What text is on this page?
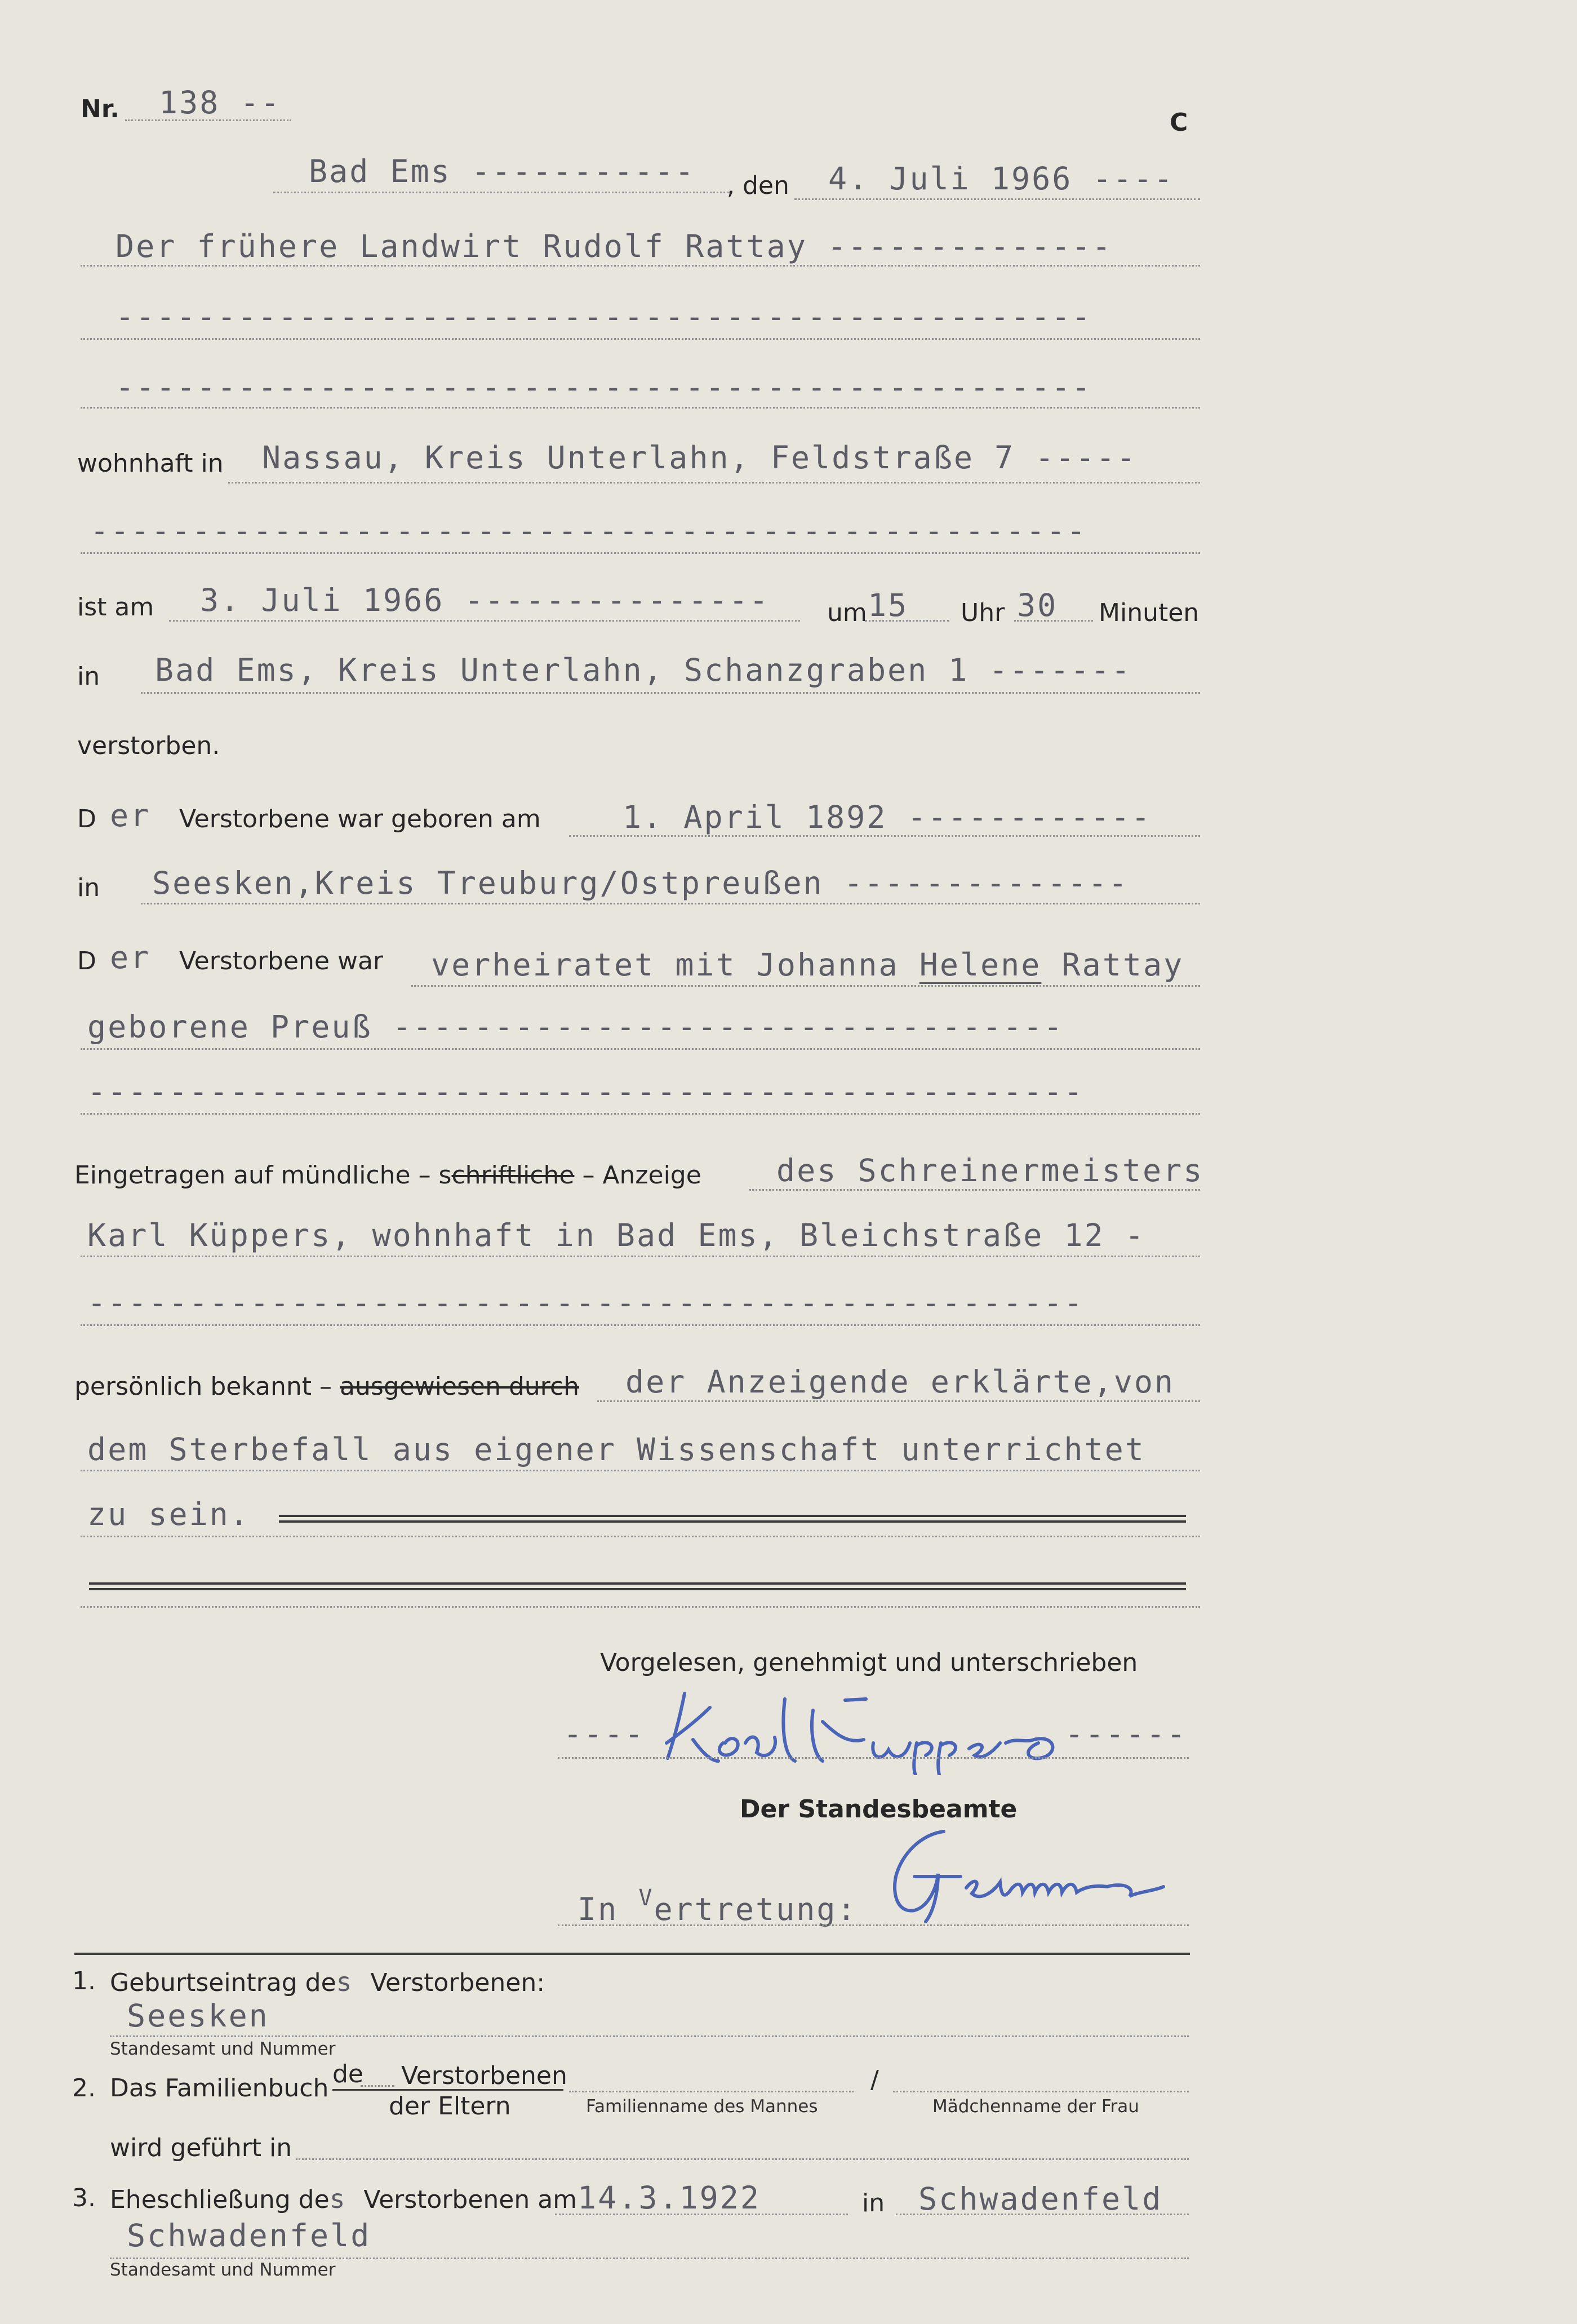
Nr. 138 --
C
Bad Ems ----------- , den 4. Juli 1966 ----
Der frühere Landwirt Rudolf Rattay --------------
------------------------------------------------
------------------------------------------------
wohnhaft in Nassau, Kreis Unterlahn, Feldstraße 7 -----
-------------------------------------------------
ist am 3. Juli 1966 --------------- um 15 Uhr 30 Minuten
in Bad Ems, Kreis Unterlahn, Schanzgraben 1 -------
verstorben.
D er Verstorbene war geboren am	1. April 1892 ------------
in Seesken,Kreis Treuburg/Ostpreußen --------------
D er Verstorbene war verheiratet mit Johanna Helene Rattay
geborene Preuß ---------------------------------
-------------------------------------------------
Eingetragen auf mündliche – schriftliche – Anzeige des Schreinermeisters
Karl Küppers, wohnhaft in Bad Ems, Bleichstraße 12 -
-------------------------------------------------
persönlich bekannt – ausgewiesen durch der Anzeigende erklärte,von
dem Sterbefall aus eigener Wissenschaft unterrichtet
zu sein.
Vorgelesen, genehmigt und unterschrieben
----
Karl Küppers
------
Der Standesbeamte
In $^V$ertretung:	Gemmer
1. Geburtseintrag des Verstorbenen:
Seesken
Standesamt und Nummer
2. Das Familienbuch de Verstorbenen
der Eltern	Familienname des Mannes
/
Mädchenname der Frau
wird geführt in
3. Eheschließung des Verstorbenen am 14.3.1922	in Schwadenfeld
Schwadenfeld
Standesamt und Nummer
